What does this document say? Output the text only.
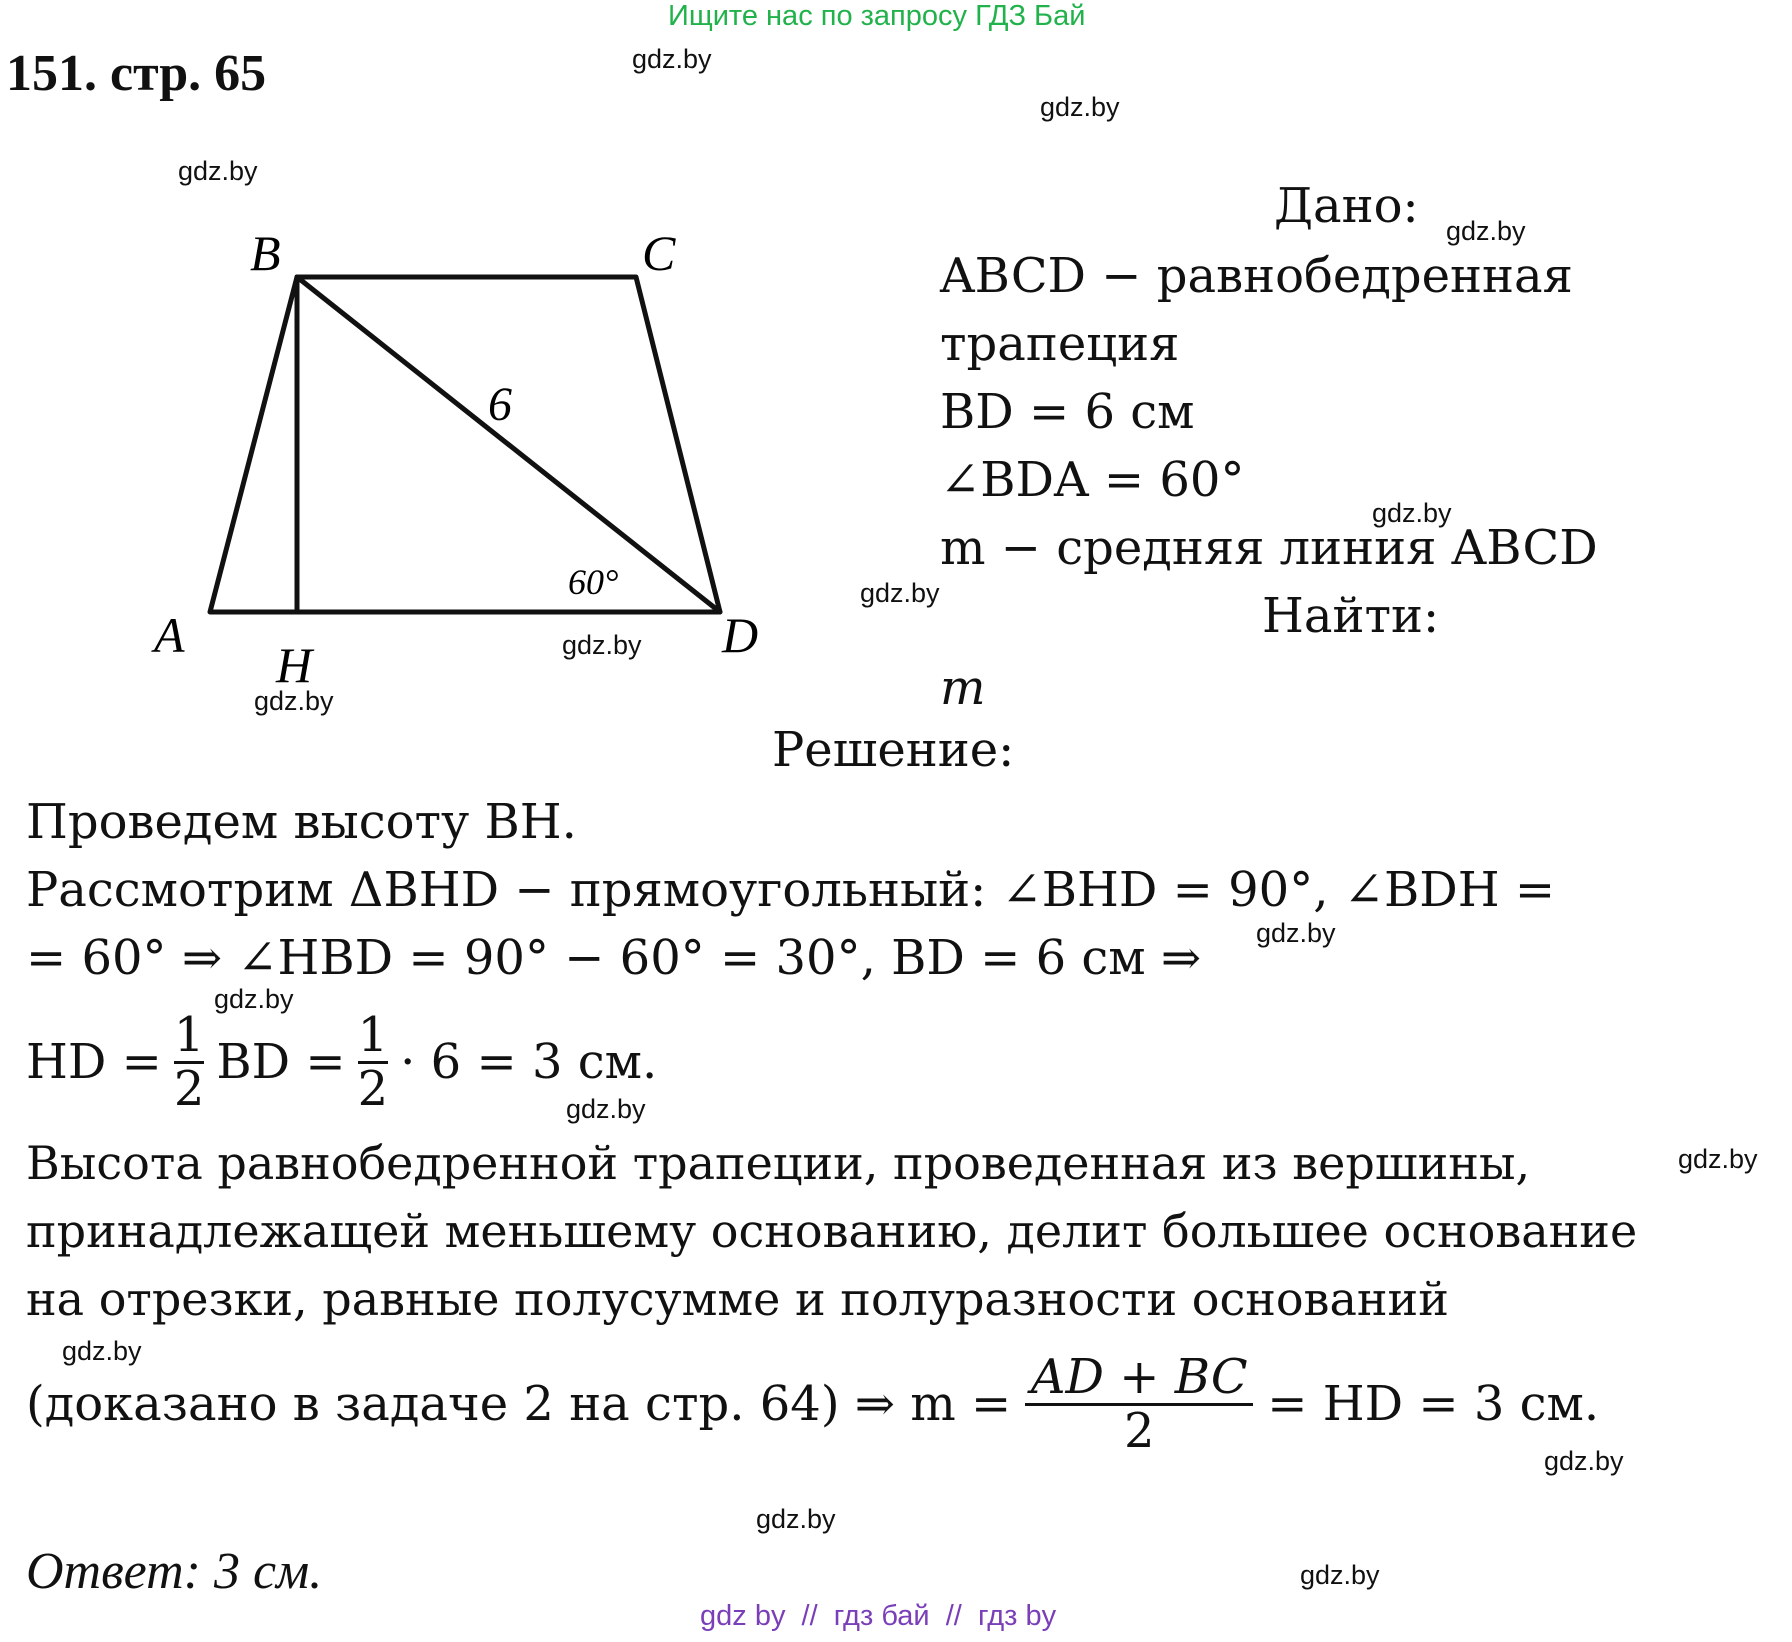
Ищите нас по запросу ГДЗ Бай
151. стр. 65	gdz.by
gdz.by
gdz.by
gdz.by
gdz.by
gdz.by
gdz.by
gdz.by
gdz.by
gdz.by
gdz.by
gdz.by
gdz.by
gdz.by
gdz.by
gdz.by
B	C
A
H
D
6
60°
Дано:
ABCD − равнобедренная
трапеция
BD = 6 см
∠BDA = 60°
m − средняя линия ABCD
Найти:
m
Решение:
Проведем высоту BH.
Рассмотрим ΔBHD − прямоугольный: ∠BHD = 90°, ∠BDH =
= 60° ⇒ ∠HBD = 90° − 60° = 30°, BD = 6 см ⇒
HD = $\frac{1}{2}$ BD = $\frac{1}{2} \cdot 6 = 3$ см.
Высота равнобедренной трапеции, проведенная из вершины,
принадлежащей меньшему основанию, делит большее основание
на отрезки, равные полусумме и полуразности оснований
(доказано в задаче 2 на стр. 64) ⇒ $m = \frac{AD + BC}{2}$ = HD = 3 см.
Ответ: 3 см.
gdz by  //  гдз бай  //  гдз by
